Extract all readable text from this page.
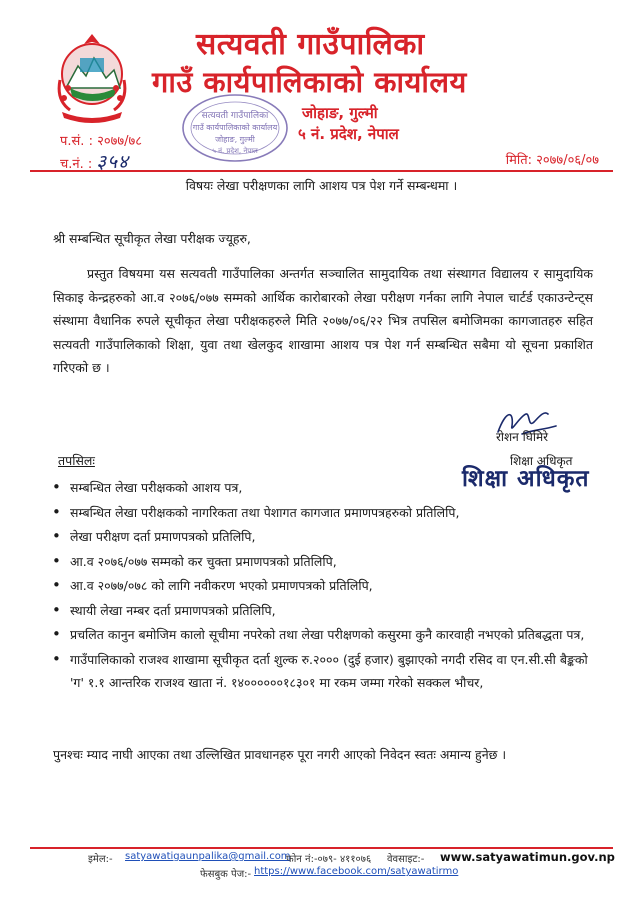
सत्यवती गाउँपालिका
गाउँ कार्यपालिकाको कार्यालय
जोहाङ, गुल्मी
५ नं. प्रदेश, नेपाल
सत्यवती गाउँपालिका
गाउँ कार्यपालिकाको कार्यालय
जोहाङ, गुल्मी
५ नं. प्रदेश, नेपाल
प.सं. : २०७७/७८
च.नं. : ३५४	मिति: २०७७/०६/०७
विषयः लेखा परीक्षणका लागि आशय पत्र पेश गर्ने सम्बन्धमा ।
श्री सम्बन्धित सूचीकृत लेखा परीक्षक ज्यूहरु,

प्रस्तुत विषयमा यस सत्यवती गाउँपालिका अन्तर्गत सञ्चालित सामुदायिक तथा संस्थागत विद्यालय र सामुदायिक सिकाइ केन्द्रहरुको आ.व २०७६/०७७ सम्मको आर्थिक कारोबारको लेखा परीक्षण गर्नका लागि नेपाल चार्टर्ड एकाउन्टेन्ट्स संस्थामा वैधानिक रुपले सूचीकृत लेखा परीक्षकहरुले मिति २०७७/०६/२२ भित्र तपसिल बमोजिमका कागजातहरु सहित सत्यवती गाउँपालिकाको शिक्षा, युवा तथा खेलकुद शाखामा आशय पत्र पेश गर्न सम्बन्धित सबैमा यो सूचना प्रकाशित गरिएको छ ।

रोशन घिमिरे
शिक्षा अधिकृत
शिक्षा अधिकृत
तपसिलः
• सम्बन्धित लेखा परीक्षकको आशय पत्र,
• सम्बन्धित लेखा परीक्षकको नागरिकता तथा पेशागत कागजात प्रमाणपत्रहरुको प्रतिलिपि,
• लेखा परीक्षण दर्ता प्रमाणपत्रको प्रतिलिपि,
• आ.व २०७६/०७७ सम्मको कर चुक्ता प्रमाणपत्रको प्रतिलिपि,
• आ.व २०७७/०७८ को लागि नवीकरण भएको प्रमाणपत्रको प्रतिलिपि,
• स्थायी लेखा नम्बर दर्ता प्रमाणपत्रको प्रतिलिपि,
• प्रचलित कानुन बमोजिम कालो सूचीमा नपरेको तथा लेखा परीक्षणको कसुरमा कुनै कारवाही नभएको प्रतिबद्धता पत्र,
• गाउँपालिकाको राजश्व शाखामा सूचीकृत दर्ता शुल्क रु.२००० (दुई हजार) बुझाएको नगदी रसिद वा एन.सी.सी बैङ्कको 'ग' १.१ आन्तरिक राजश्व खाता नं. १४००००००१८३०१ मा रकम जम्मा गरेको सक्कल भौचर,
पुनश्चः म्याद नाघी आएका तथा उल्लिखित प्रावधानहरु पूरा नगरी आएको निवेदन स्वतः अमान्य हुनेछ ।
इमेल:- satyawatigaunpalika@gmail.com
फोन नं:-०७९- ४११०७६ वेवसाइट:- www.satyawatimun.gov.np
फेसबुक पेज:- https://www.facebook.com/satyawatirmo
